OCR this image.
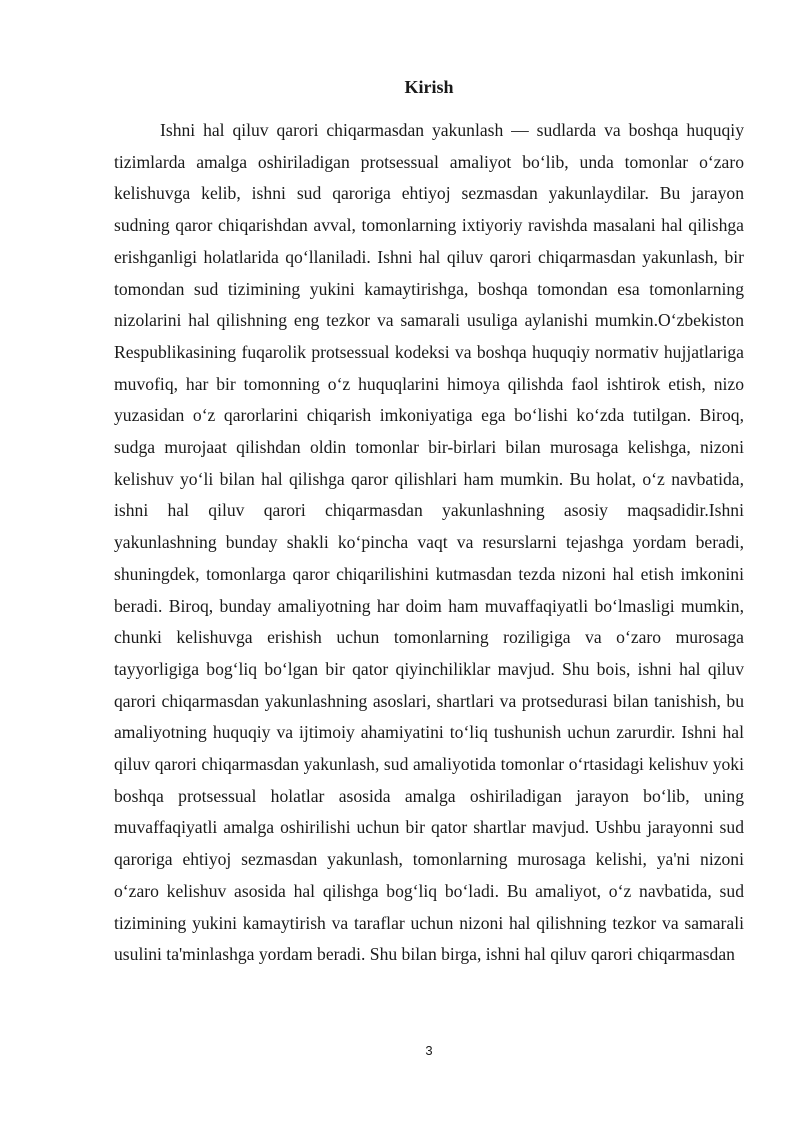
Kirish

Ishni hal qiluv qarori chiqarmasdan yakunlash — sudlarda va boshqa huquqiy tizimlarda amalga oshiriladigan protsessual amaliyot bo‘lib, unda tomonlar o‘zaro kelishuvga kelib, ishni sud qaroriga ehtiyoj sezmasdan yakunlaydilar. Bu jarayon sudning qaror chiqarishdan avval, tomonlarning ixtiyoriy ravishda masalani hal qilishga erishganligi holatlarida qo‘llaniladi. Ishni hal qiluv qarori chiqarmasdan yakunlash, bir tomondan sud tizimining yukini kamaytirishga, boshqa tomondan esa tomonlarning nizolarini hal qilishning eng tezkor va samarali usuliga aylanishi mumkin.O‘zbekiston Respublikasining fuqarolik protsessual kodeksi va boshqa huquqiy normativ hujjatlariga muvofiq, har bir tomonning o‘z huquqlarini himoya qilishda faol ishtirok etish, nizo yuzasidan o‘z qarorlarini chiqarish imkoniyatiga ega bo‘lishi ko‘zda tutilgan. Biroq, sudga murojaat qilishdan oldin tomonlar bir-birlari bilan murosaga kelishga, nizoni kelishuv yo‘li bilan hal qilishga qaror qilishlari ham mumkin. Bu holat, o‘z navbatida, ishni hal qiluv qarori chiqarmasdan yakunlashning asosiy maqsadidir.Ishni yakunlashning bunday shakli ko‘pincha vaqt va resurslarni tejashga yordam beradi, shuningdek, tomonlarga qaror chiqarilishini kutmasdan tezda nizoni hal etish imkonini beradi. Biroq, bunday amaliyotning har doim ham muvaffaqiyatli bo‘lmasligi mumkin, chunki kelishuvga erishish uchun tomonlarning roziligiga va o‘zaro murosaga tayyorligiga bog‘liq bo‘lgan bir qator qiyinchiliklar mavjud. Shu bois, ishni hal qiluv qarori chiqarmasdan yakunlashning asoslari, shartlari va protsedurasi bilan tanishish, bu amaliyotning huquqiy va ijtimoiy ahamiyatini to‘liq tushunish uchun zarurdir. Ishni hal qiluv qarori chiqarmasdan yakunlash, sud amaliyotida tomonlar o‘rtasidagi kelishuv yoki boshqa protsessual holatlar asosida amalga oshiriladigan jarayon bo‘lib, uning muvaffaqiyatli amalga oshirilishi uchun bir qator shartlar mavjud. Ushbu jarayonni sud qaroriga ehtiyoj sezmasdan yakunlash, tomonlarning murosaga kelishi, ya'ni nizoni o‘zaro kelishuv asosida hal qilishga bog‘liq bo‘ladi. Bu amaliyot, o‘z navbatida, sud tizimining yukini kamaytirish va taraflar uchun nizoni hal qilishning tezkor va samarali usulini ta'minlashga yordam beradi. Shu bilan birga, ishni hal qiluv qarori chiqarmasdan

3
